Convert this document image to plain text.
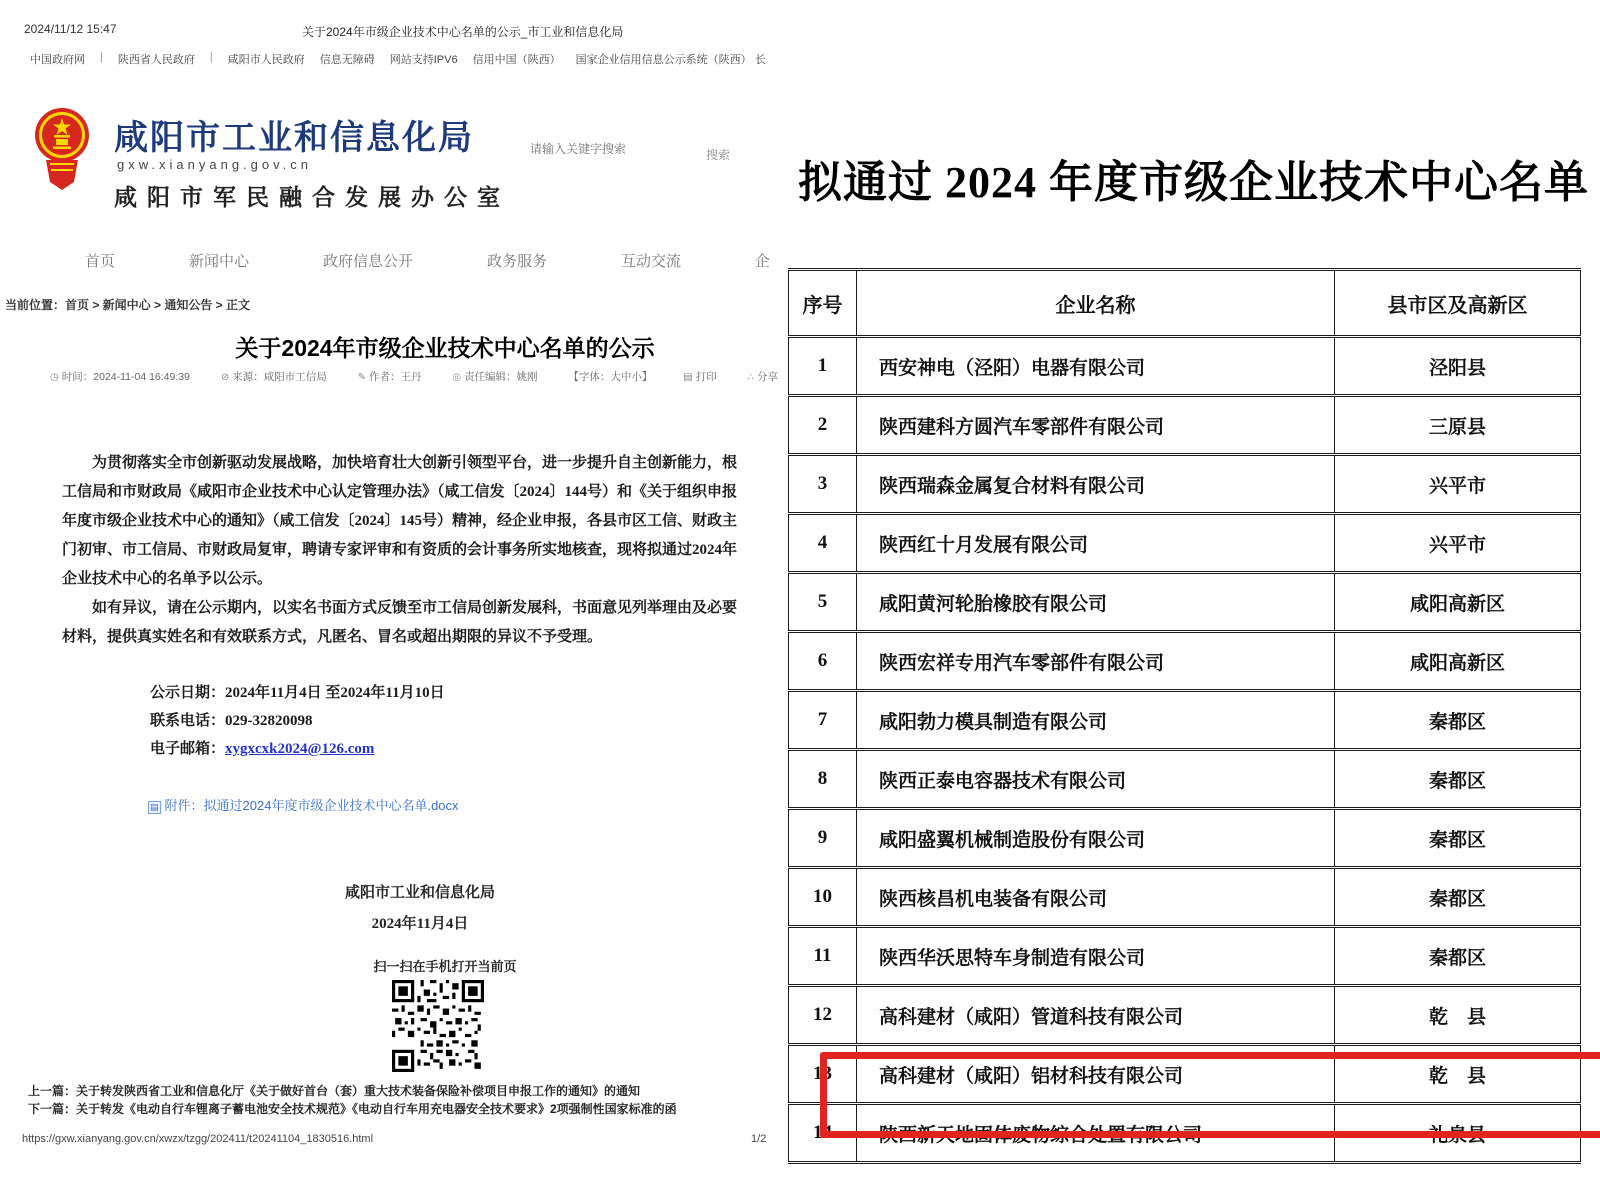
2024/11/12 15:47	关于2024年市级企业技术中心名单的公示_市工业和信息化局
中国政府网 | 陕西省人民政府 | 咸阳市人民政府 信息无障碍 网站支持IPV6 信用中国（陕西） 国家企业信用信息公示系统（陕西） 长
咸阳市工业和信息化局
gxw.xianyang.gov.cn
咸阳市军民融合发展办公室
请输入关键字搜索
搜索
首页	新闻中心	政府信息公开	政务服务	互动交流	企
当前位置：首页 > 新闻中心 > 通知公告 > 正文
关于2024年市级企业技术中心名单的公示
◷ 时间：2024-11-04 16:49:39	⊘ 来源：咸阳市工信局	✎ 作者：王丹	◎ 责任编辑：姚刚	【字体：大中小】	▤ 打印	∴ 分享
为贯彻落实全市创新驱动发展战略，加快培育壮大创新引领型平台，进一步提升自主创新能力，根
工信局和市财政局《咸阳市企业技术中心认定管理办法》（咸工信发〔2024〕144号）和《关于组织申报
年度市级企业技术中心的通知》（咸工信发〔2024〕145号）精神，经企业申报，各县市区工信、财政主
门初审、市工信局、市财政局复审，聘请专家评审和有资质的会计事务所实地核查，现将拟通过2024年
企业技术中心的名单予以公示。
如有异议，请在公示期内，以实名书面方式反馈至市工信局创新发展科，书面意见列举理由及必要
材料，提供真实姓名和有效联系方式，凡匿名、冒名或超出期限的异议不予受理。
公示日期：2024年11月4日 至2024年11月10日
联系电话：029-32820098
电子邮箱：xygxcxk2024@126.com
▤ 附件：拟通过2024年度市级企业技术中心名单.docx
咸阳市工业和信息化局
2024年11月4日
扫一扫在手机打开当前页
上一篇：关于转发陕西省工业和信息化厅《关于做好首台（套）重大技术装备保险补偿项目申报工作的通知》的通知
下一篇：关于转发《电动自行车锂离子蓄电池安全技术规范》《电动自行车用充电器安全技术要求》2项强制性国家标准的函
https://gxw.xianyang.gov.cn/xwzx/tzgg/202411/t20241104_1830516.html	1/2
拟通过 2024 年度市级企业技术中心名单
序号	企业名称	县市区及高新区
1	西安神电（泾阳）电器有限公司	泾阳县
2	陕西建科方圆汽车零部件有限公司	三原县
3	陕西瑞森金属复合材料有限公司	兴平市
4	陕西红十月发展有限公司	兴平市
5	咸阳黄河轮胎橡胶有限公司	咸阳高新区
6	陕西宏祥专用汽车零部件有限公司	咸阳高新区
7	咸阳勃力模具制造有限公司	秦都区
8	陕西正泰电容器技术有限公司	秦都区
9	咸阳盛翼机械制造股份有限公司	秦都区
10	陕西核昌机电装备有限公司	秦都区
11	陕西华沃思特车身制造有限公司	秦都区
12	高科建材（咸阳）管道科技有限公司	乾　县
13	高科建材（咸阳）铝材科技有限公司	乾　县
14	陕西新天地固体废物综合处置有限公司	礼泉县
